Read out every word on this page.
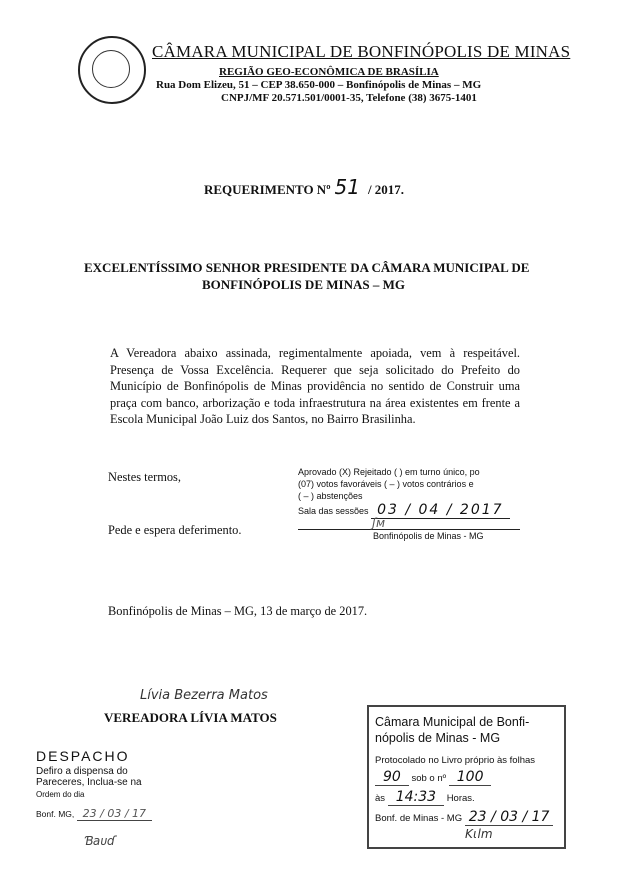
CÂMARA MUNICIPAL DE BONFINÓPOLIS DE MINAS
REGIÃO GEO-ECONÔMICA DE BRASÍLIA
Rua Dom Elizeu, 51 – CEP 38.650-000 – Bonfinópolis de Minas – MG
CNPJ/MF 20.571.501/0001-35, Telefone (38) 3675-1401
REQUERIMENTO Nº 51 / 2017.
EXCELENTÍSSIMO SENHOR PRESIDENTE DA CÂMARA MUNICIPAL DE
BONFINÓPOLIS DE MINAS – MG
A Vereadora abaixo assinada, regimentalmente apoiada, vem à respeitável. Presença de Vossa Excelência. Requerer que seja solicitado do Prefeito do Município de Bonfinópolis de Minas providência no sentido de Construir uma praça com banco, arborização e toda infraestrutura na área existentes em frente a Escola Municipal João Luiz dos Santos, no Bairro Brasilinha.
Nestes termos,
Pede e espera deferimento.
Bonfinópolis de Minas – MG, 13 de março de 2017.
Aprovado (X) Rejeitado ( ) em turno único, po
(07) votos favoráveis ( – ) votos contrários e
( – ) abstenções
Sala das sessões 03 / 04 / 2017
Bonfinópolis de Minas - MG
ʃᴍ
Lívia Bezerra Matos
VEREADORA LÍVIA MATOS	Câmara Municipal de Bonfi-
nópolis de Minas - MG
Protocolado no Livro próprio às folhas
90 sob o nº 100
às 14:33 Horas.
Bonf. de Minas - MG 23 / 03 / 17
Kɩlm
DESPACHO
Defiro a dispensa do
Pareceres, Inclua-se na
Ordem do dia
Bonf. MG, 23 / 03 / 17
Ɓaᴜɗ
